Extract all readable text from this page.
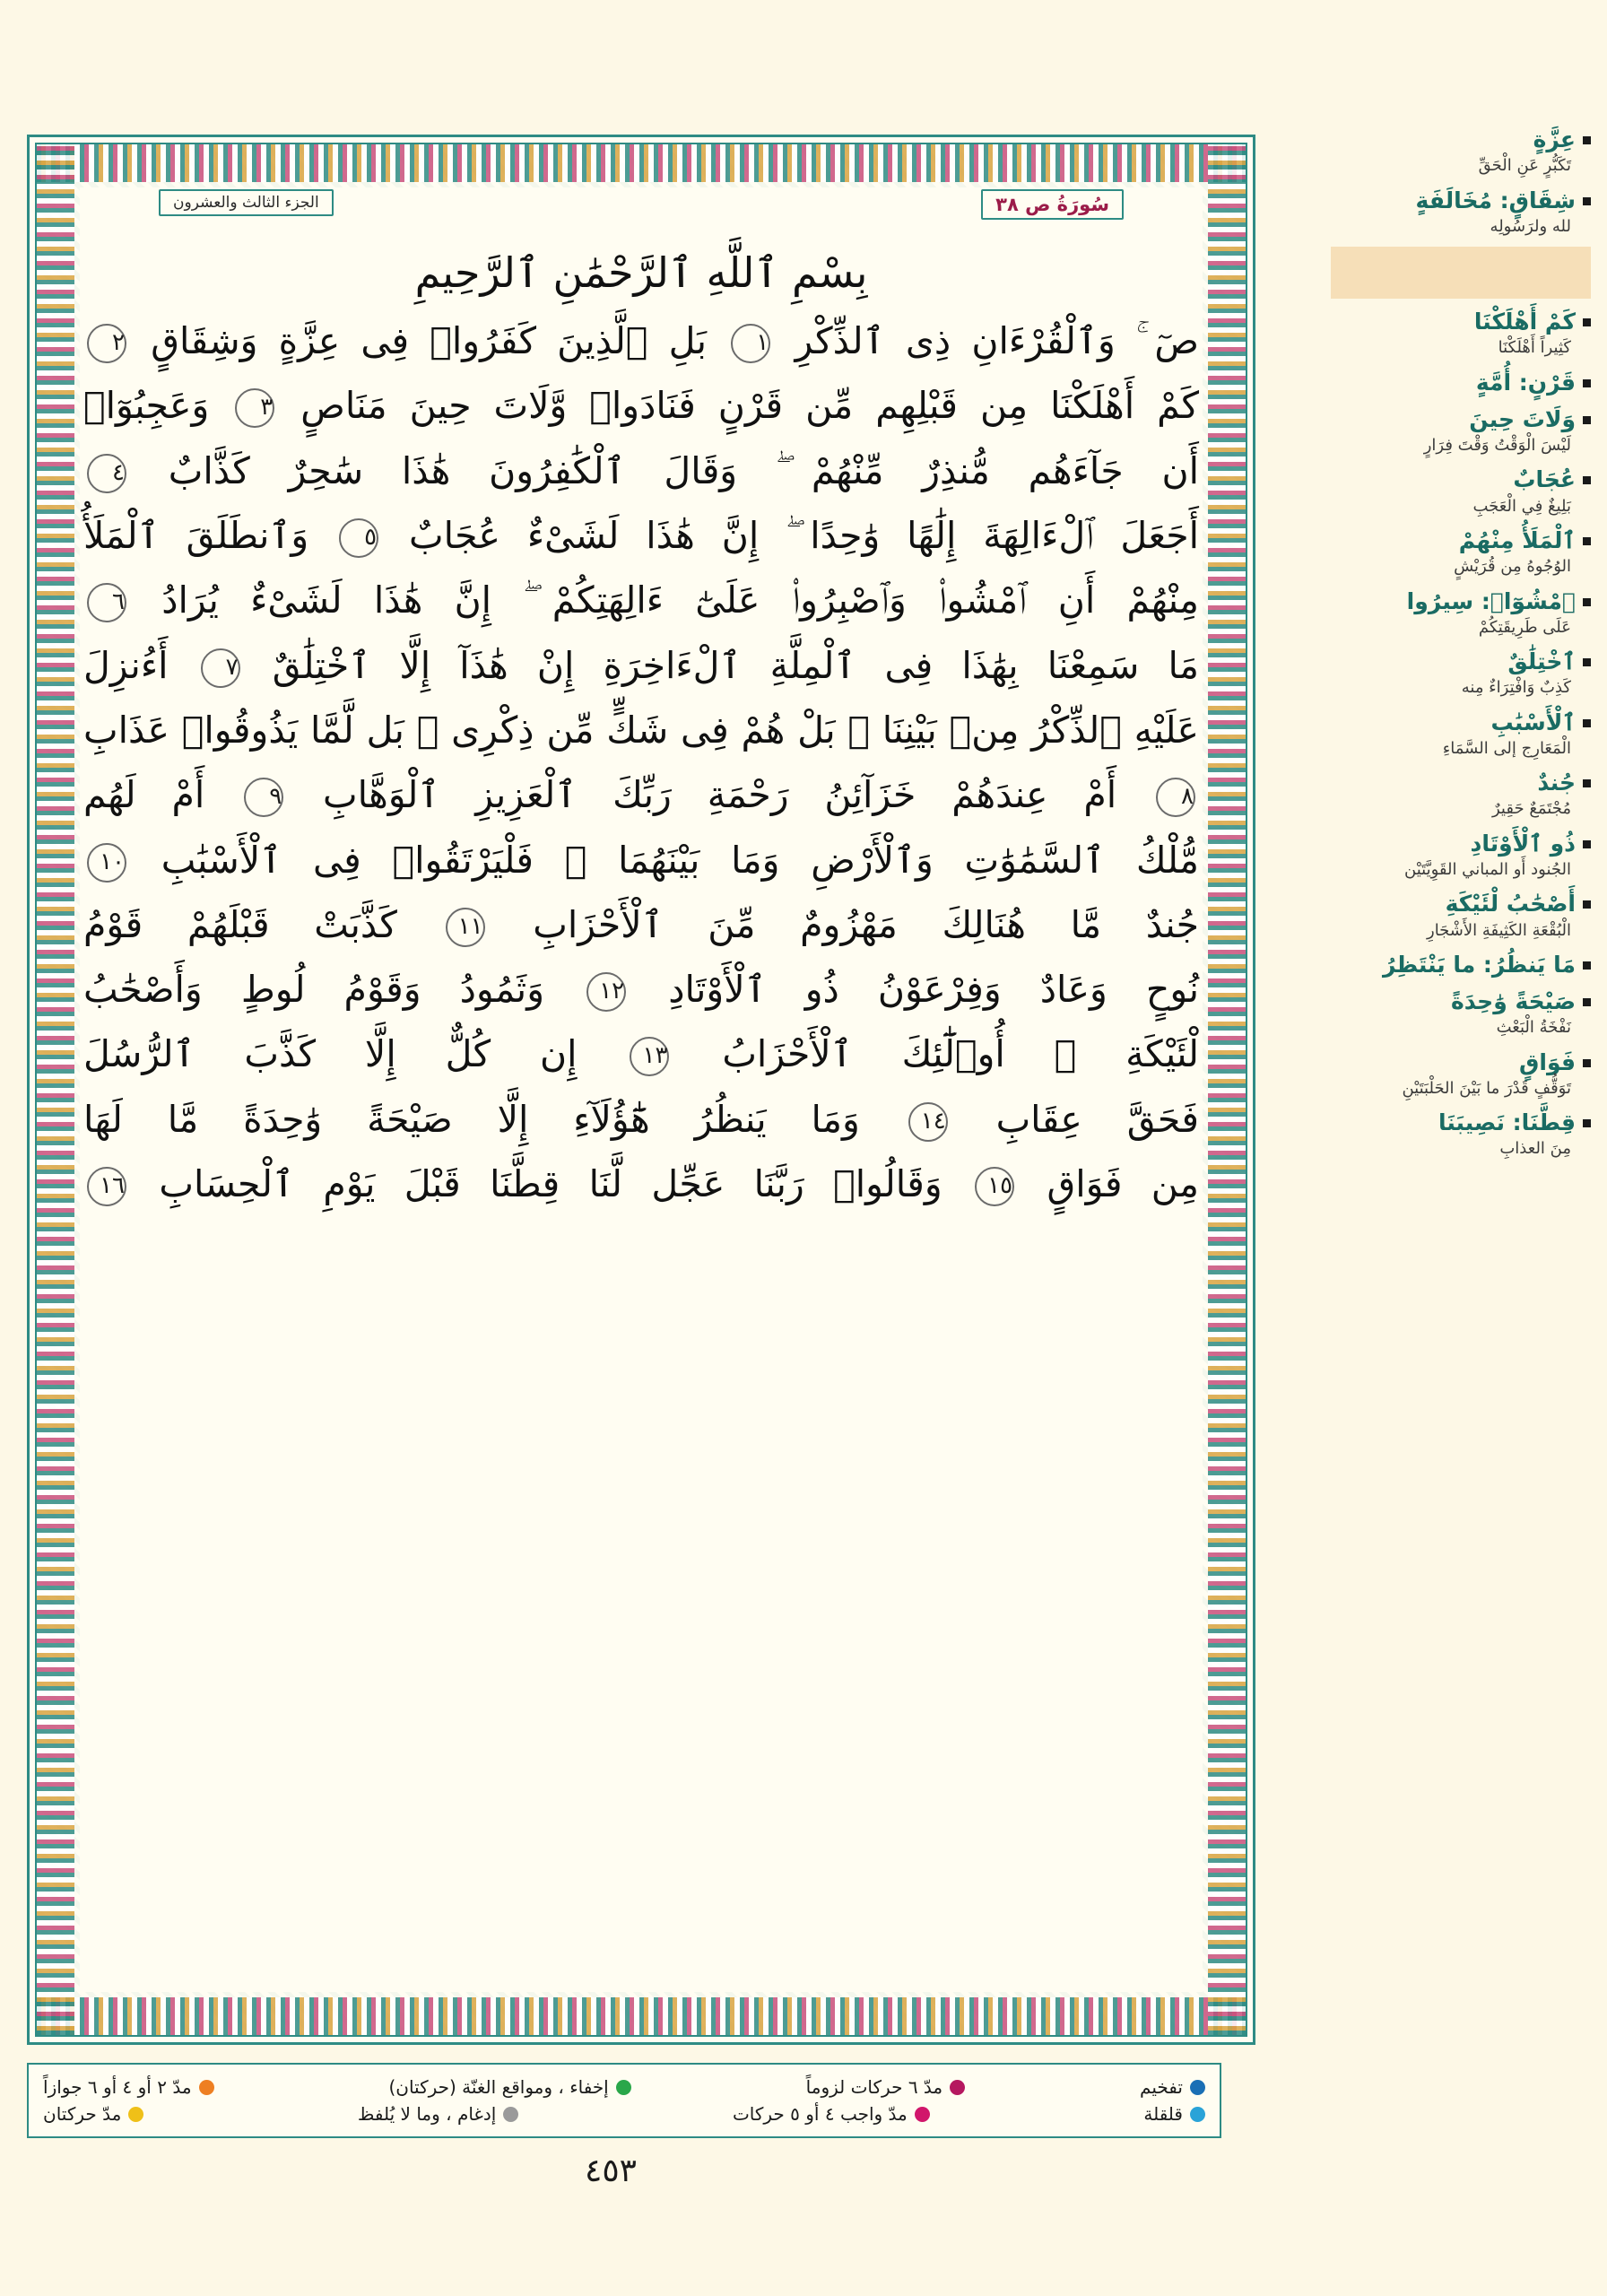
سُورَةُ ص ٣٨
الجزء الثالث والعشرون
بِسْمِ ٱللَّهِ ٱلرَّحْمَٰنِ ٱلرَّحِيمِ
صٓ ۚ وَٱلْقُرْءَانِ ذِى ٱلذِّكْرِ ١ بَلِ ٱلَّذِينَ كَفَرُوا۟ فِى عِزَّةٍ وَشِقَاقٍ ٢
كَمْ أَهْلَكْنَا مِن قَبْلِهِم مِّن قَرْنٍ فَنَادَوا۟ وَّلَاتَ حِينَ مَنَاصٍ ٣ وَعَجِبُوٓا۟
أَن جَآءَهُم مُّنذِرٌ مِّنْهُمْ ۖ وَقَالَ ٱلْكَٰفِرُونَ هَٰذَا سَٰحِرٌ كَذَّابٌ ٤
أَجَعَلَ ٱلْءَالِهَةَ إِلَٰهًا وَٰحِدًا ۖ إِنَّ هَٰذَا لَشَىْءٌ عُجَابٌ ٥ وَٱنطَلَقَ ٱلْمَلَأُ
مِنْهُمْ أَنِ ٱمْشُوا۟ وَٱصْبِرُوا۟ عَلَىٰٓ ءَالِهَتِكُمْ ۖ إِنَّ هَٰذَا لَشَىْءٌ يُرَادُ ٦
مَا سَمِعْنَا بِهَٰذَا فِى ٱلْمِلَّةِ ٱلْءَاخِرَةِ إِنْ هَٰذَآ إِلَّا ٱخْتِلَٰقٌ ٧ أَءُنزِلَ
عَلَيْهِ ٱلذِّكْرُ مِنۢ بَيْنِنَا ۚ بَلْ هُمْ فِى شَكٍّ مِّن ذِكْرِى ۖ بَل لَّمَّا يَذُوقُوا۟ عَذَابِ
٨ أَمْ عِندَهُمْ خَزَآئِنُ رَحْمَةِ رَبِّكَ ٱلْعَزِيزِ ٱلْوَهَّابِ ٩ أَمْ لَهُم
مُّلْكُ ٱلسَّمَٰوَٰتِ وَٱلْأَرْضِ وَمَا بَيْنَهُمَا ۖ فَلْيَرْتَقُوا۟ فِى ٱلْأَسْبَٰبِ ١٠
جُندٌ مَّا هُنَالِكَ مَهْزُومٌ مِّنَ ٱلْأَحْزَابِ ١١ كَذَّبَتْ قَبْلَهُمْ قَوْمُ
نُوحٍ وَعَادٌ وَفِرْعَوْنُ ذُو ٱلْأَوْتَادِ ١٢ وَثَمُودُ وَقَوْمُ لُوطٍ وَأَصْحَٰبُ
لْئَيْكَةِ ۚ أُو۟لَٰٓئِكَ ٱلْأَحْزَابُ ١٣ إِن كُلٌّ إِلَّا كَذَّبَ ٱلرُّسُلَ
فَحَقَّ عِقَابِ ١٤ وَمَا يَنظُرُ هَٰٓؤُلَآءِ إِلَّا صَيْحَةً وَٰحِدَةً مَّا لَهَا
مِن فَوَاقٍ ١٥ وَقَالُوا۟ رَبَّنَا عَجِّل لَّنَا قِطَّنَا قَبْلَ يَوْمِ ٱلْحِسَابِ ١٦
عِزَّةٍ
تَكَبُّرٍ عَنِ الْحَقِّ
شِقَاقٍ: مُخَالَفَةٍ
لله ولرَسُولِه
كَمْ أَهْلَكْنَا
كَثِيراً أَهْلَكْنَا
قَرْنٍ: أُمَّةٍ
وَلَاتَ حِينَ
لَيْسَ الْوَقْتُ وَقْتَ فِرَارٍ
عُجَابٌ
بَلِيغٌ فِي الْعَجَبِ
ٱلْمَلَأُ مِنْهُمْ
الوُجُوهُ مِن قُرَيْشٍ
ٱمْشُوٓا۟: سِيرُوا
عَلَى طَرِيقَتِكُمْ
ٱخْتِلَٰقٌ
كَذِبٌ وَافْتِرَاءٌ مِنه
ٱلْأَسْبَٰبِ
الْمَعَارِج إلى السَّمَاءِ
جُندٌ
مُجْتَمَعٌ حَقِيرٌ
ذُو ٱلْأَوْتَادِ
الجُنود أَو المباني القَوِيَّتَيْن
أَصْحَٰبُ لْئَيْكَةِ
الْبُقْعَةِ الكَثِيفَةِ الأَشْجَارِ
مَا يَنظُرُ: ما يَنْتَظِرُ
صَيْحَةً وَٰحِدَةً
نَفْخَةُ الْبَعْثِ
فَوَاقٍ
تَوَقُّفٍ قَدْرَ ما بَيْنَ الحَلْبَتَيْنِ
قِطَّنَا: نَصِيبَنَا
مِنَ العذابِ
تفخيم
مدّ ٦ حركات لزوماً
إخفاء ، ومواقع الغنّة (حركتان)
مدّ ٢ أو ٤ أو ٦ جوازاً
قلقلة
مدّ واجب ٤ أو ٥ حركات
إدغام ، وما لا يُلفظ
مدّ حركتان
٤٥٣
